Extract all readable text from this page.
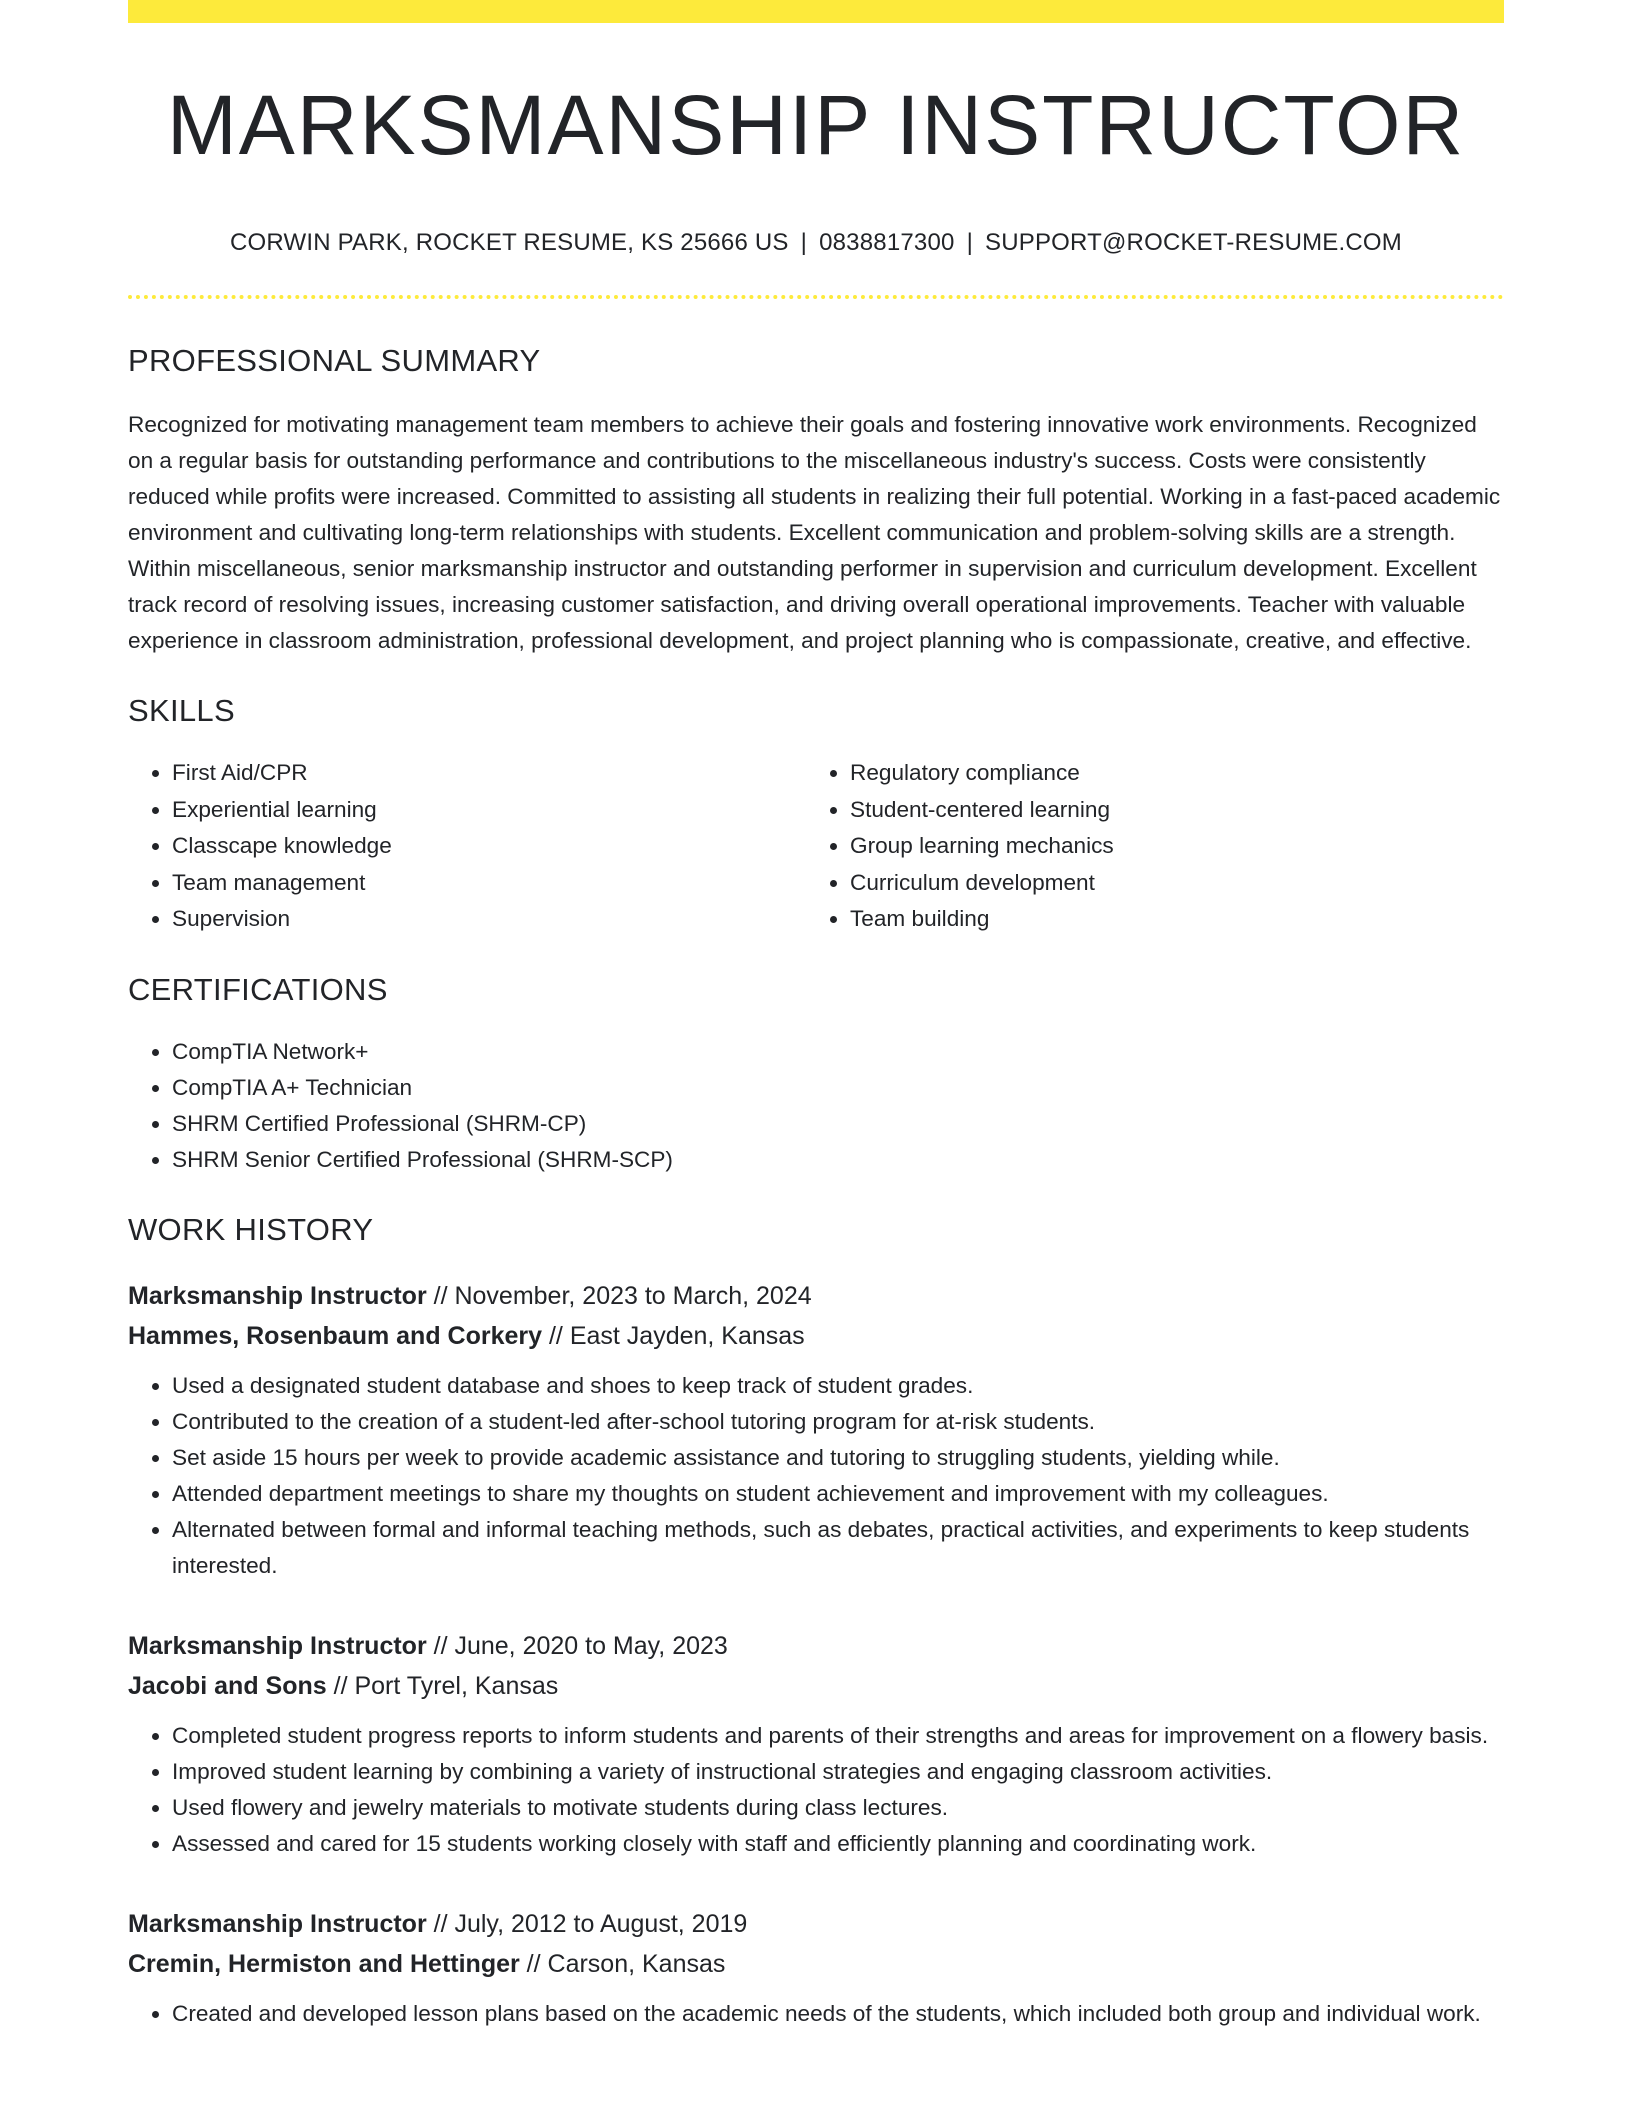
MARKSMANSHIP INSTRUCTOR
CORWIN PARK, ROCKET RESUME, KS 25666 US | 0838817300 | SUPPORT@ROCKET-RESUME.COM
PROFESSIONAL SUMMARY

Recognized for motivating management team members to achieve their goals and fostering innovative work environments. Recognized on a regular basis for outstanding performance and contributions to the miscellaneous industry's success. Costs were consistently reduced while profits were increased. Committed to assisting all students in realizing their full potential. Working in a fast-paced academic environment and cultivating long-term relationships with students. Excellent communication and problem-solving skills are a strength. Within miscellaneous, senior marksmanship instructor and outstanding performer in supervision and curriculum development. Excellent track record of resolving issues, increasing customer satisfaction, and driving overall operational improvements. Teacher with valuable experience in classroom administration, professional development, and project planning who is compassionate, creative, and effective.

SKILLS
• First Aid/CPR
• Experiential learning
• Classcape knowledge
• Team management
• Supervision
• Regulatory compliance
• Student-centered learning
• Group learning mechanics
• Curriculum development
• Team building
CERTIFICATIONS
• CompTIA Network+
• CompTIA A+ Technician
• SHRM Certified Professional (SHRM-CP)
• SHRM Senior Certified Professional (SHRM-SCP)
WORK HISTORY
Marksmanship Instructor // November, 2023 to March, 2024
Hammes, Rosenbaum and Corkery // East Jayden, Kansas
• Used a designated student database and shoes to keep track of student grades.
• Contributed to the creation of a student-led after-school tutoring program for at-risk students.
• Set aside 15 hours per week to provide academic assistance and tutoring to struggling students, yielding while.
• Attended department meetings to share my thoughts on student achievement and improvement with my colleagues.
• Alternated between formal and informal teaching methods, such as debates, practical activities, and experiments to keep students interested.
Marksmanship Instructor // June, 2020 to May, 2023
Jacobi and Sons // Port Tyrel, Kansas
• Completed student progress reports to inform students and parents of their strengths and areas for improvement on a flowery basis.
• Improved student learning by combining a variety of instructional strategies and engaging classroom activities.
• Used flowery and jewelry materials to motivate students during class lectures.
• Assessed and cared for 15 students working closely with staff and efficiently planning and coordinating work.
Marksmanship Instructor // July, 2012 to August, 2019
Cremin, Hermiston and Hettinger // Carson, Kansas
• Created and developed lesson plans based on the academic needs of the students, which included both group and individual work.
